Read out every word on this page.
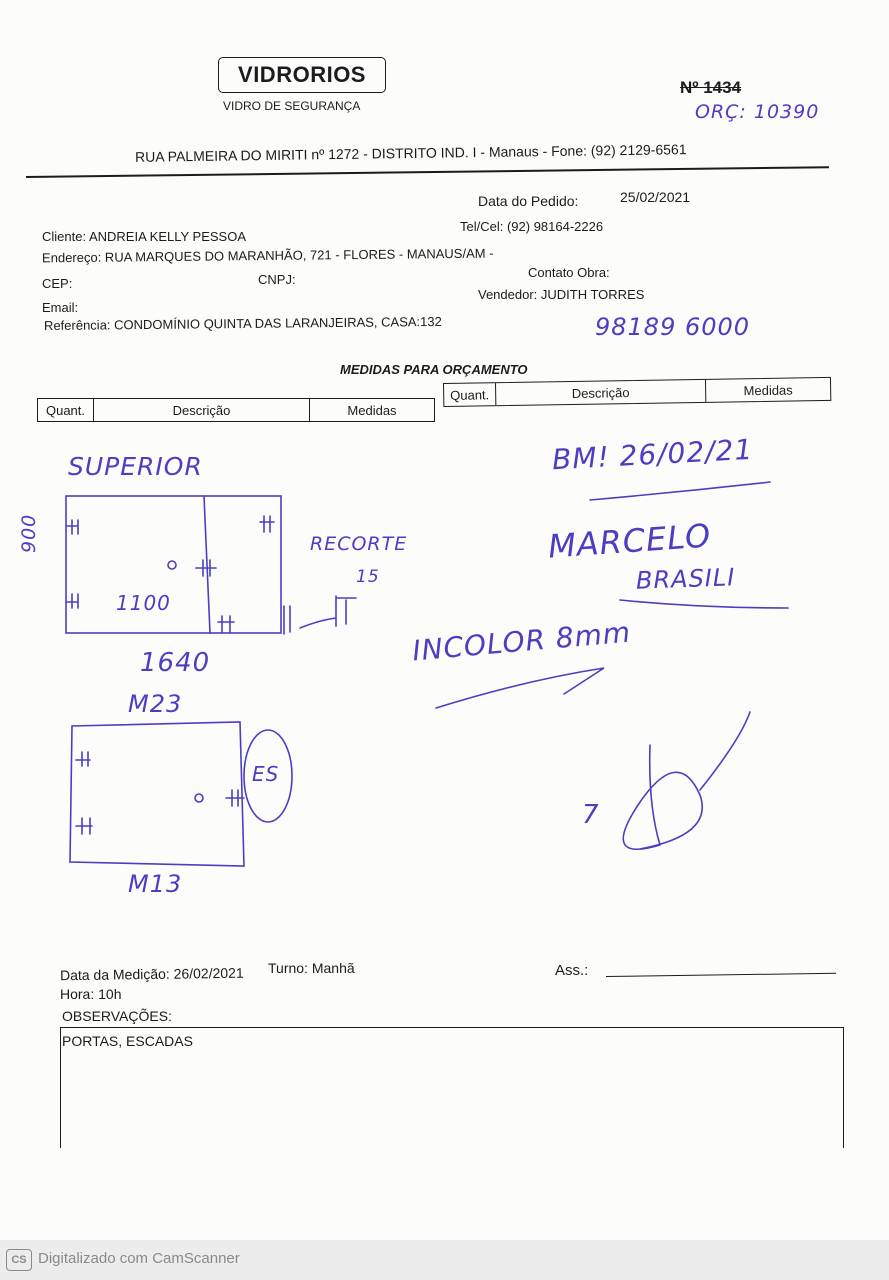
VIDRORIOS
VIDRO DE SEGURANÇA
Nº 1434
ORÇ: 10390
RUA PALMEIRA DO MIRITI nº 1272 - DISTRITO IND. I - Manaus - Fone: (92) 2129-6561
Data do Pedido:	25/02/2021
Cliente: ANDREIA KELLY PESSOA
Tel/Cel: (92) 98164-2226
Endereço: RUA MARQUES DO MARANHÃO, 721 - FLORES - MANAUS/AM -
CEP:	CNPJ:	Contato Obra:
Email:
Vendedor: JUDITH TORRES
Referência: CONDOMÍNIO QUINTA DAS LARANJEIRAS, CASA:132	98189 6000
MEDIDAS PARA ORÇAMENTO
Quant.	Descrição	Medidas
Quant.	Descrição	Medidas
SUPERIOR
900
1100
1640
RECORTE
15
M23
ES
M13
BM! 26/02/21
MARCELO
BRASILI
INCOLOR 8mm
7
Data da Medição: 26/02/2021 Turno: Manhã
Hora: 10h
Ass.:
OBSERVAÇÕES:
PORTAS, ESCADAS
CS Digitalizado com CamScanner
